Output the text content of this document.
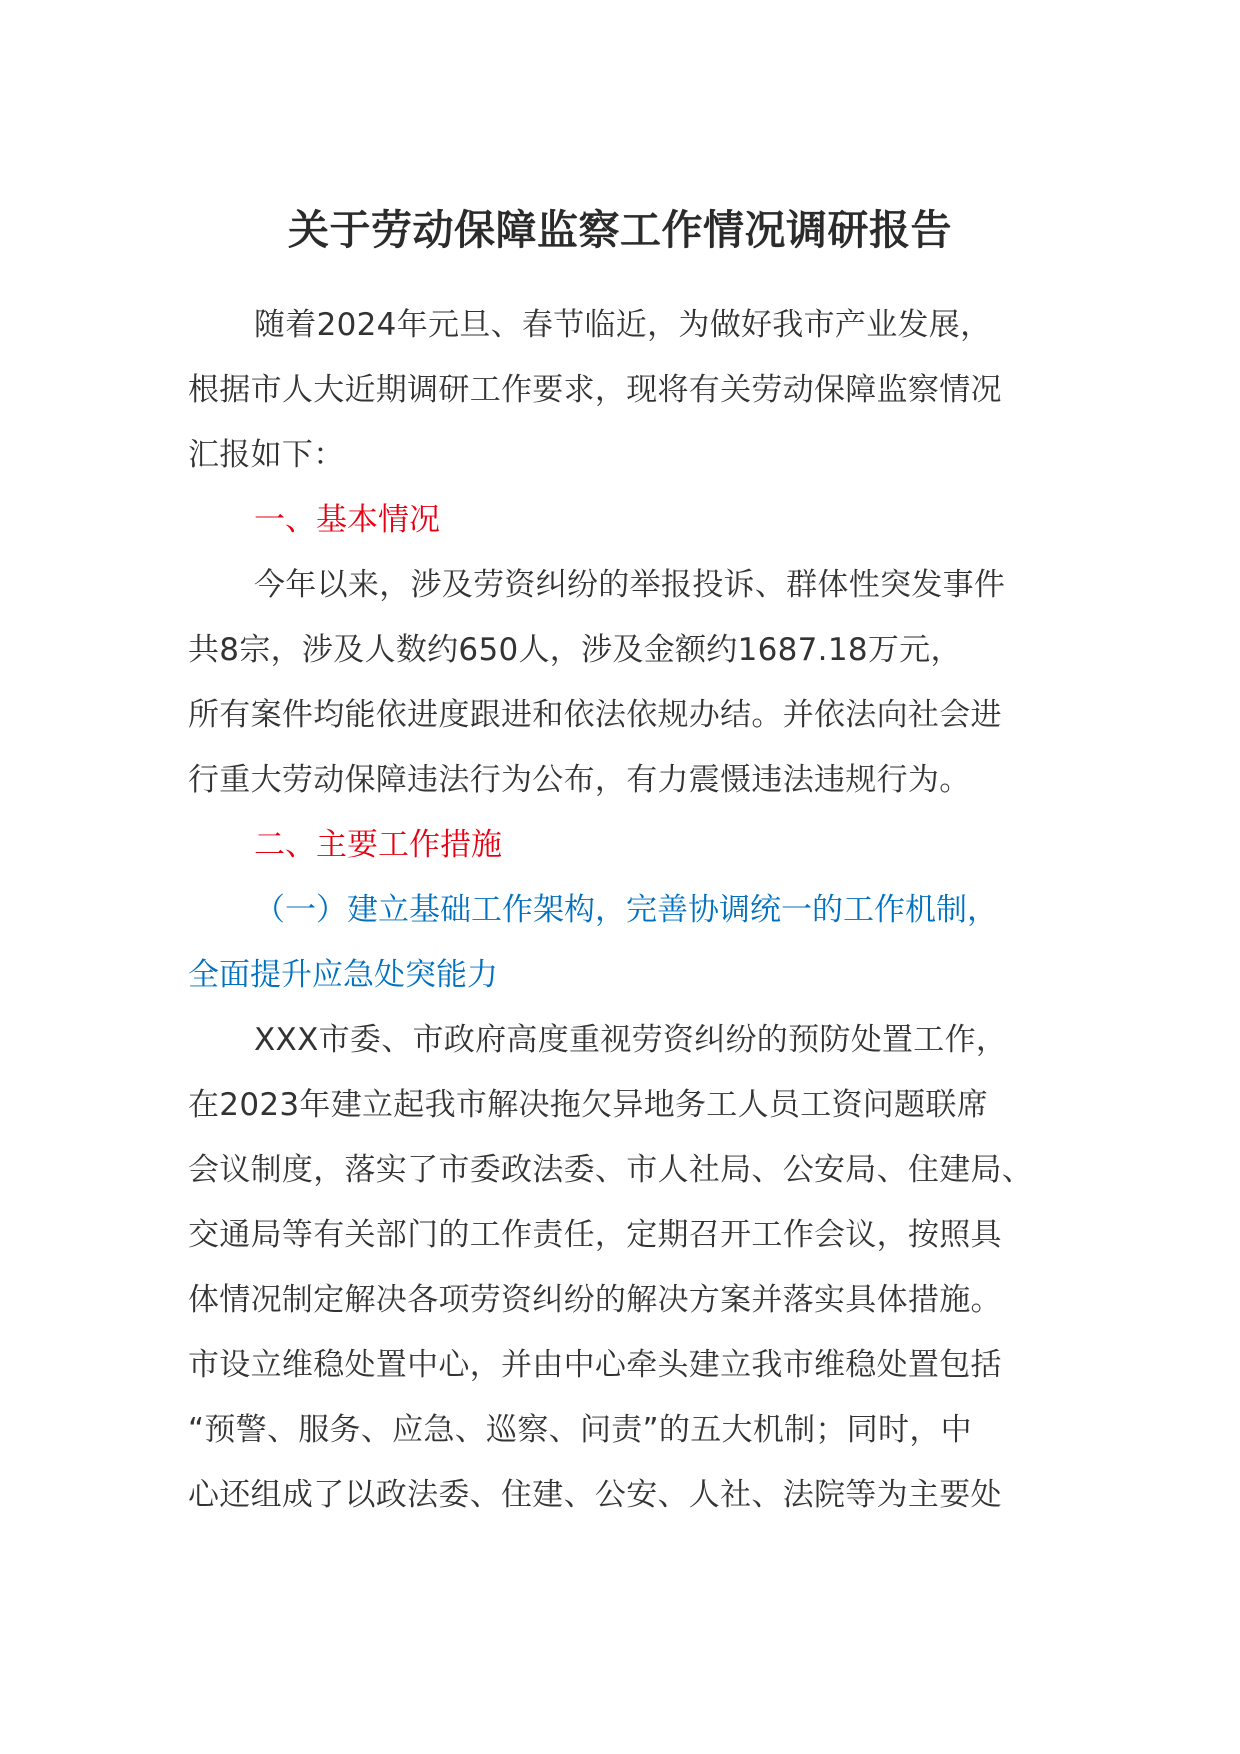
关于劳动保障监察工作情况调研报告

随着2024年元旦、春节临近，为做好我市产业发展，
根据市人大近期调研工作要求，现将有关劳动保障监察情况
汇报如下：

一、基本情况

今年以来，涉及劳资纠纷的举报投诉、群体性突发事件
共8宗，涉及人数约650人，涉及金额约1687.18万元，
所有案件均能依进度跟进和依法依规办结。并依法向社会进
行重大劳动保障违法行为公布，有力震慑违法违规行为。

二、主要工作措施

（一）建立基础工作架构，完善协调统一的工作机制，
全面提升应急处突能力

XXX市委、市政府高度重视劳资纠纷的预防处置工作，
在2023年建立起我市解决拖欠异地务工人员工资问题联席
会议制度，落实了市委政法委、市人社局、公安局、住建局、
交通局等有关部门的工作责任，定期召开工作会议，按照具
体情况制定解决各项劳资纠纷的解决方案并落实具体措施。
市设立维稳处置中心，并由中心牵头建立我市维稳处置包括
“预警、服务、应急、巡察、问责”的五大机制；同时，中
心还组成了以政法委、住建、公安、人社、法院等为主要处
